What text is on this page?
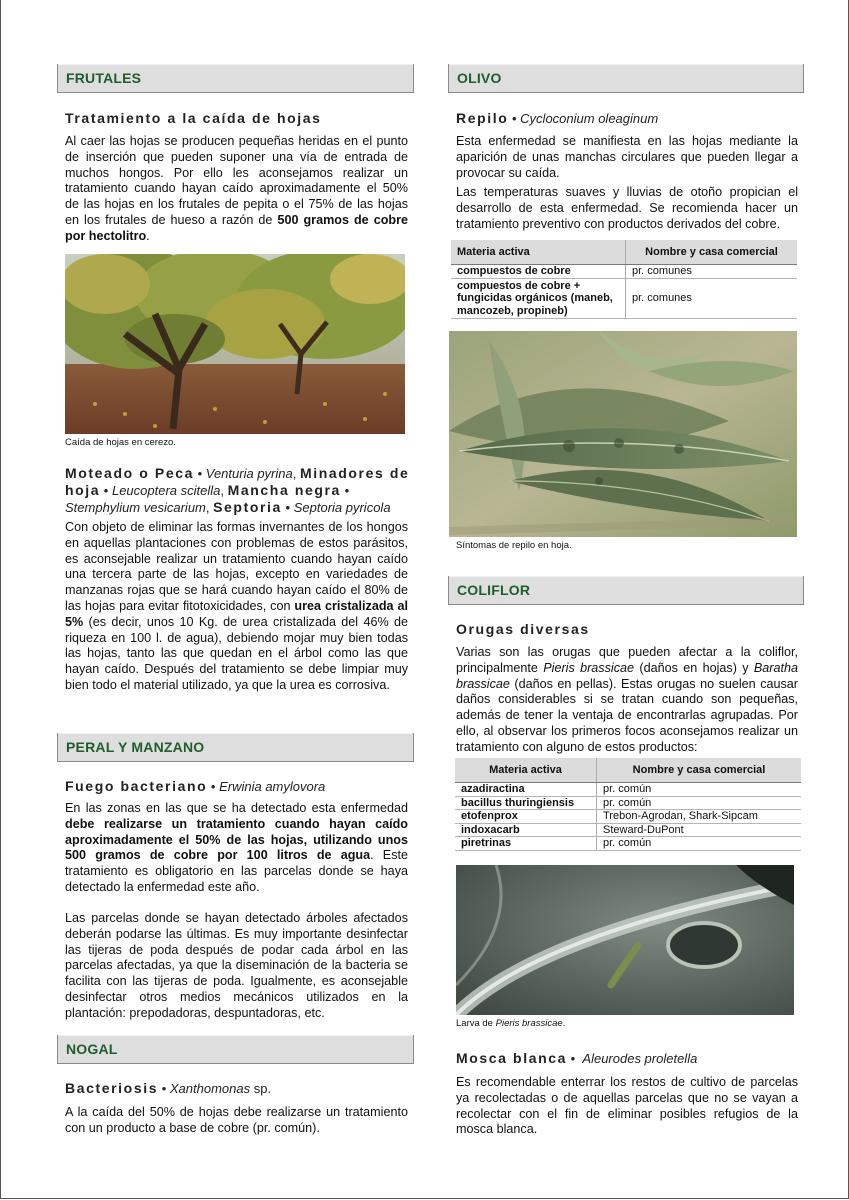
FRUTALES
Tratamiento a la caída de hojas
Al caer las hojas se producen pequeñas heridas en el punto de inserción que pueden suponer una vía de entrada de muchos hongos. Por ello les aconsejamos realizar un tratamiento cuando hayan caído aproximadamente el 50% de las hojas en los frutales de pepita o el 75% de las hojas en los frutales de hueso a razón de 500 gramos de cobre por hectolitro.
Caída de hojas en cerezo.
Moteado o Peca • Venturia pyrina, Minadores de hoja • Leucoptera scitella, Mancha negra • Stemphylium vesicarium, Septoria • Septoria pyricola
Con objeto de eliminar las formas invernantes de los hongos en aquellas plantaciones con problemas de estos parásitos, es aconsejable realizar un tratamiento cuando hayan caído una tercera parte de las hojas, excepto en variedades de manzanas rojas que se hará cuando hayan caído el 80% de las hojas para evitar fitotoxicidades, con urea cristalizada al 5% (es decir, unos 10 Kg. de urea cristalizada del 46% de riqueza en 100 l. de agua), debiendo mojar muy bien todas las hojas, tanto las que quedan en el árbol como las que hayan caído. Después del tratamiento se debe limpiar muy bien todo el material utilizado, ya que la urea es corrosiva.
PERAL Y MANZANO
Fuego bacteriano • Erwinia amylovora
En las zonas en las que se ha detectado esta enfermedad debe realizarse un tratamiento cuando hayan caído aproximadamente el 50% de las hojas, utilizando unos 500 gramos de cobre por 100 litros de agua. Este tratamiento es obligatorio en las parcelas donde se haya detectado la enfermedad este año.
Las parcelas donde se hayan detectado árboles afectados deberán podarse las últimas. Es muy importante desinfectar las tijeras de poda después de podar cada árbol en las parcelas afectadas, ya que la diseminación de la bacteria se facilita con las tijeras de poda. Igualmente, es aconsejable desinfectar otros medios mecánicos utilizados en la plantación: prepodadoras, despuntadoras, etc.
NOGAL
Bacteriosis • Xanthomonas sp.
A la caída del 50% de hojas debe realizarse un tratamiento con un producto a base de cobre (pr. común).
OLIVO
Repilo • Cycloconium oleaginum
Esta enfermedad se manifiesta en las hojas mediante la aparición de unas manchas circulares que pueden llegar a provocar su caída.
Las temperaturas suaves y lluvias de otoño propician el desarrollo de esta enfermedad. Se recomienda hacer un tratamiento preventivo con productos derivados del cobre.
Materia activa	Nombre y casa comercial
compuestos de cobre	pr. comunes
compuestos de cobre + fungicidas orgánicos (maneb, mancozeb, propineb)	pr. comunes
Síntomas de repilo en hoja.
COLIFLOR
Orugas diversas
Varias son las orugas que pueden afectar a la coliflor, principalmente Pieris brassicae (daños en hojas) y Baratha brassicae (daños en pellas). Estas orugas no suelen causar daños considerables si se tratan cuando son pequeñas, además de tener la ventaja de encontrarlas agrupadas. Por ello, al observar los primeros focos aconsejamos realizar un tratamiento con alguno de estos productos:
Materia activa	Nombre y casa comercial
azadiractina	pr. común
bacillus thuringiensis	pr. común
etofenprox	Trebon-Agrodan, Shark-Sipcam
indoxacarb	Steward-DuPont
piretrinas	pr. común
Larva de Pieris brassicae.
Mosca blanca •  Aleurodes proletella
Es recomendable enterrar los restos de cultivo de parcelas ya recolectadas o de aquellas parcelas que no se vayan a recolectar con el fin de eliminar posibles refugios de la mosca blanca.
